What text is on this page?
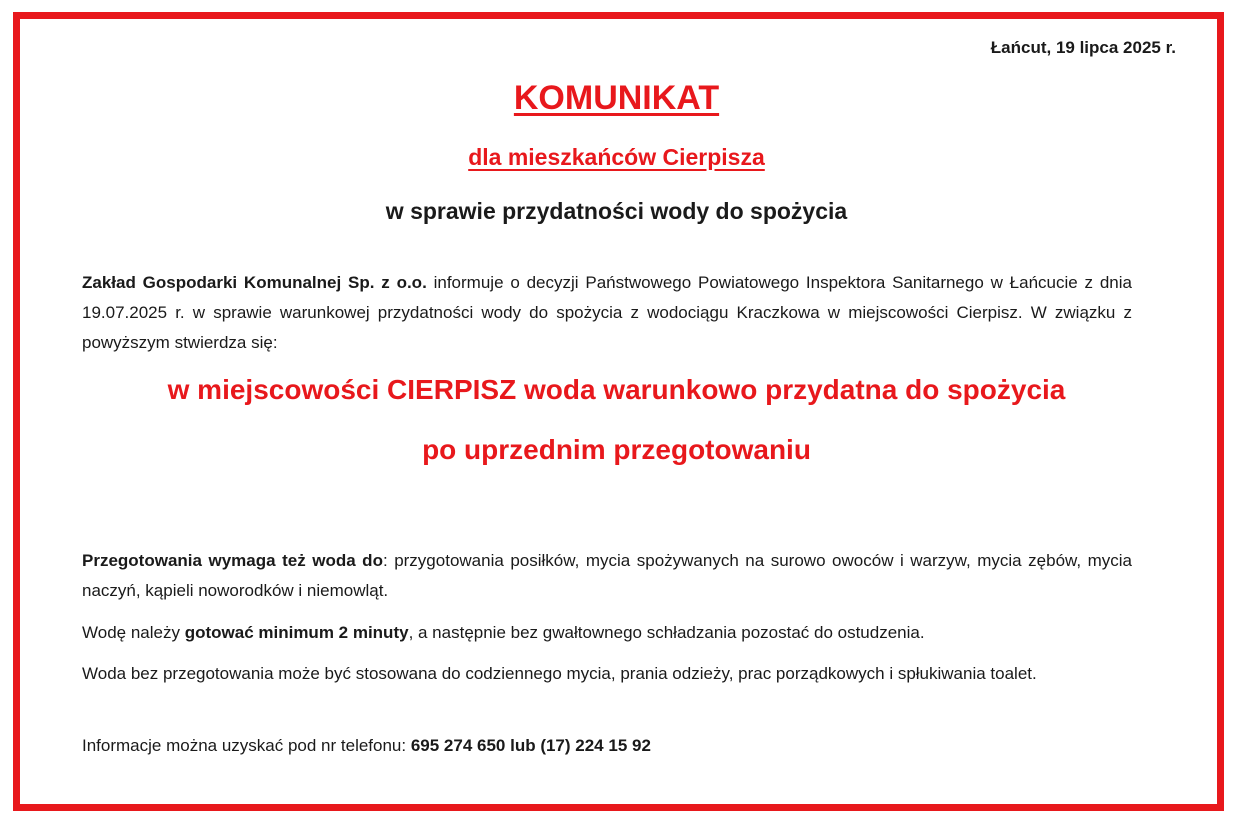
Łańcut, 19 lipca 2025 r.
KOMUNIKAT
dla mieszkańców Cierpisza
w sprawie przydatności wody do spożycia

Zakład Gospodarki Komunalnej Sp. z o.o. informuje o decyzji Państwowego Powiatowego Inspektora Sanitarnego w Łańcucie z dnia 19.07.2025 r. w sprawie warunkowej przydatności wody do spożycia z wodociągu Kraczkowa w miejscowości Cierpisz. W związku z powyższym stwierdza się:

w miejscowości CIERPISZ woda warunkowo przydatna do spożycia
po uprzednim przegotowaniu

Przegotowania wymaga też woda do: przygotowania posiłków, mycia spożywanych na surowo owoców i warzyw, mycia zębów, mycia naczyń, kąpieli noworodków i niemowląt.

Wodę należy gotować minimum 2 minuty, a następnie bez gwałtownego schładzania pozostać do ostudzenia.

Woda bez przegotowania może być stosowana do codziennego mycia, prania odzieży, prac porządkowych i spłukiwania toalet.

Informacje można uzyskać pod nr telefonu: 695 274 650 lub (17) 224 15 92
